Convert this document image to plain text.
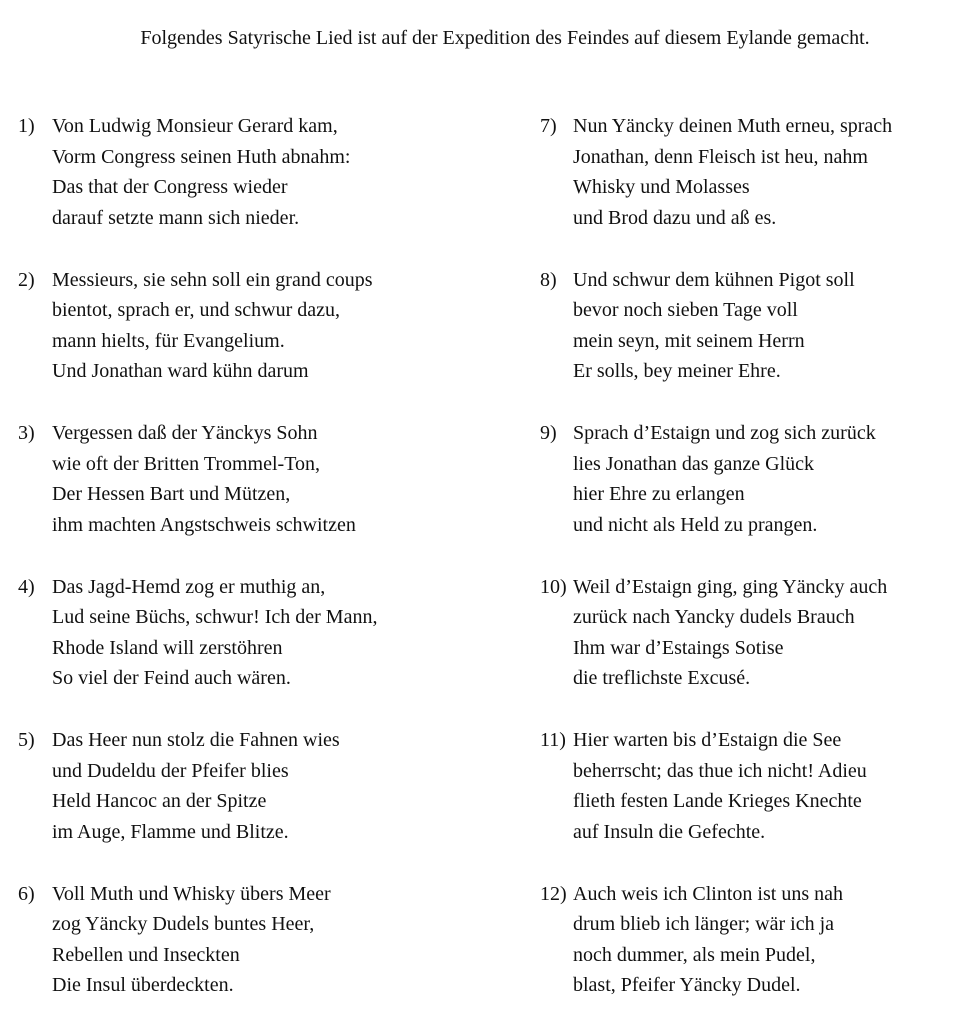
Folgendes Satyrische Lied ist auf der Expedition des Feindes auf diesem Eylande gemacht.
1) Von Ludwig Monsieur Gerard kam,
Vorm Congress seinen Huth abnahm:
Das that der Congress wieder
darauf setzte mann sich nieder.
2) Messieurs, sie sehn soll ein grand coups
bientot, sprach er, und schwur dazu,
mann hielts, für Evangelium.
Und Jonathan ward kühn darum
3) Vergessen daß der Yänckys Sohn
wie oft der Britten Trommel-Ton,
Der Hessen Bart und Mützen,
ihm machten Angstschweis schwitzen
4) Das Jagd-Hemd zog er muthig an,
Lud seine Büchs, schwur! Ich der Mann,
Rhode Island will zerstöhren
So viel der Feind auch wären.
5) Das Heer nun stolz die Fahnen wies
und Dudeldu der Pfeifer blies
Held Hancoc an der Spitze
im Auge, Flamme und Blitze.
6) Voll Muth und Whisky übers Meer
zog Yäncky Dudels buntes Heer,
Rebellen und Inseckten
Die Insul überdeckten.
7) Nun Yäncky deinen Muth erneu, sprach
Jonathan, denn Fleisch ist heu, nahm
Whisky und Molasses
und Brod dazu und aß es.
8) Und schwur dem kühnen Pigot soll
bevor noch sieben Tage voll
mein seyn, mit seinem Herrn
Er solls, bey meiner Ehre.
9) Sprach d’Estaign und zog sich zurück
lies Jonathan das ganze Glück
hier Ehre zu erlangen
und nicht als Held zu prangen.
10) Weil d’Estaign ging, ging Yäncky auch
zurück nach Yancky dudels Brauch
Ihm war d’Estaings Sotise
die treflichste Excusé.
11) Hier warten bis d’Estaign die See
beherrscht; das thue ich nicht! Adieu
flieth festen Lande Krieges Knechte
auf Insuln die Gefechte.
12) Auch weis ich Clinton ist uns nah
drum blieb ich länger; wär ich ja
noch dummer, als mein Pudel,
blast, Pfeifer Yäncky Dudel.
